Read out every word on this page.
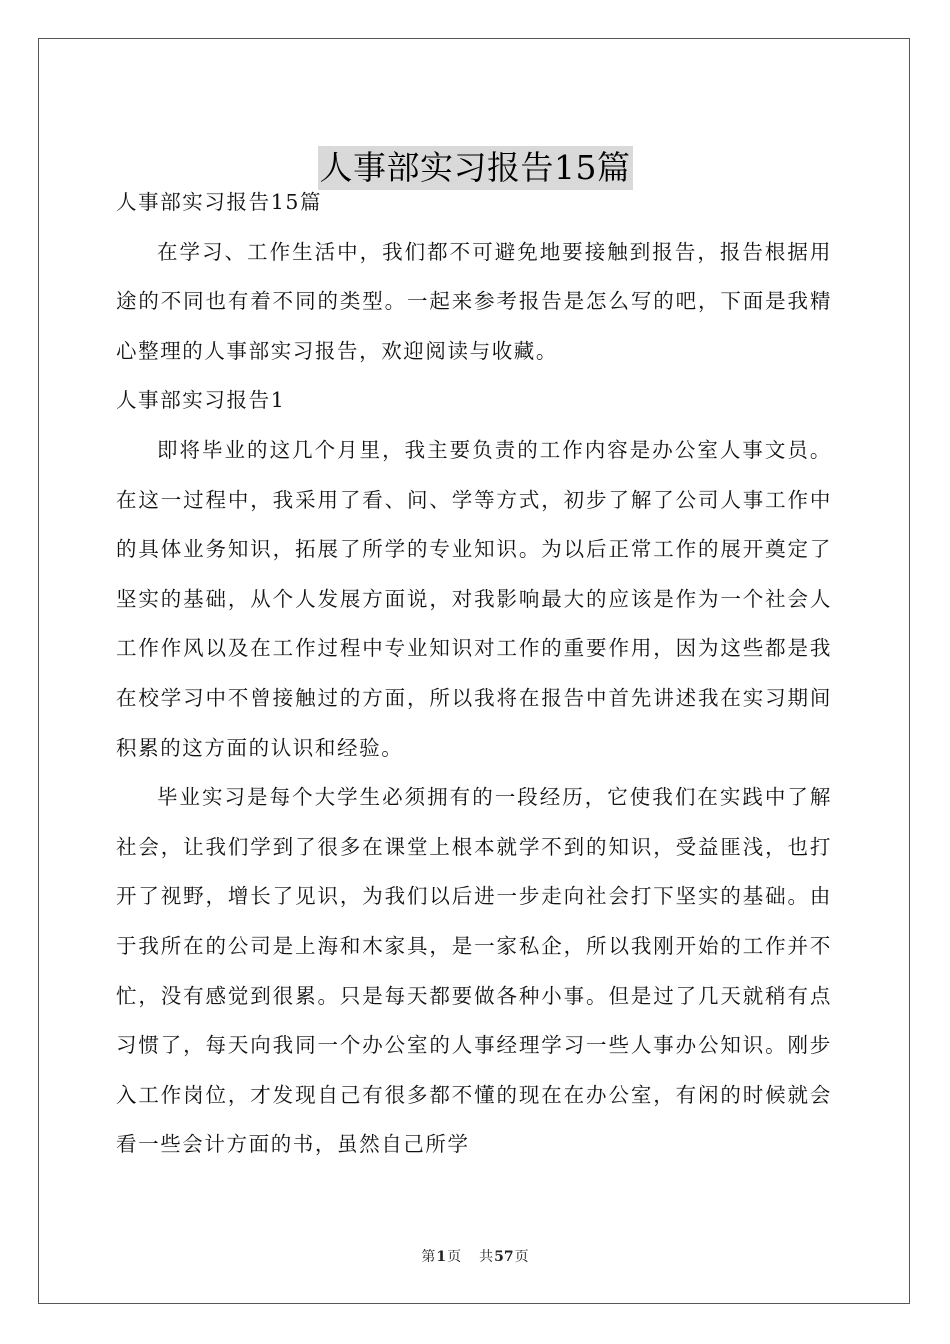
人事部实习报告15篇

人事部实习报告15篇

在学习、工作生活中，我们都不可避免地要接触到报告，报告根据用途的不同也有着不同的类型。一起来参考报告是怎么写的吧，下面是我精心整理的人事部实习报告，欢迎阅读与收藏。

人事部实习报告1

即将毕业的这几个月里，我主要负责的工作内容是办公室人事文员。在这一过程中，我采用了看、问、学等方式，初步了解了公司人事工作中的具体业务知识，拓展了所学的专业知识。为以后正常工作的展开奠定了坚实的基础，从个人发展方面说，对我影响最大的应该是作为一个社会人工作作风以及在工作过程中专业知识对工作的重要作用，因为这些都是我在校学习中不曾接触过的方面，所以我将在报告中首先讲述我在实习期间积累的这方面的认识和经验。

毕业实习是每个大学生必须拥有的一段经历，它使我们在实践中了解社会，让我们学到了很多在课堂上根本就学不到的知识，受益匪浅，也打开了视野，增长了见识，为我们以后进一步走向社会打下坚实的基础。由于我所在的公司是上海和木家具，是一家私企，所以我刚开始的工作并不忙，没有感觉到很累。只是每天都要做各种小事。但是过了几天就稍有点习惯了，每天向我同一个办公室的人事经理学习一些人事办公知识。刚步入工作岗位，才发现自己有很多都不懂的现在在办公室，有闲的时候就会看一些会计方面的书，虽然自己所学

第1页 共57页
